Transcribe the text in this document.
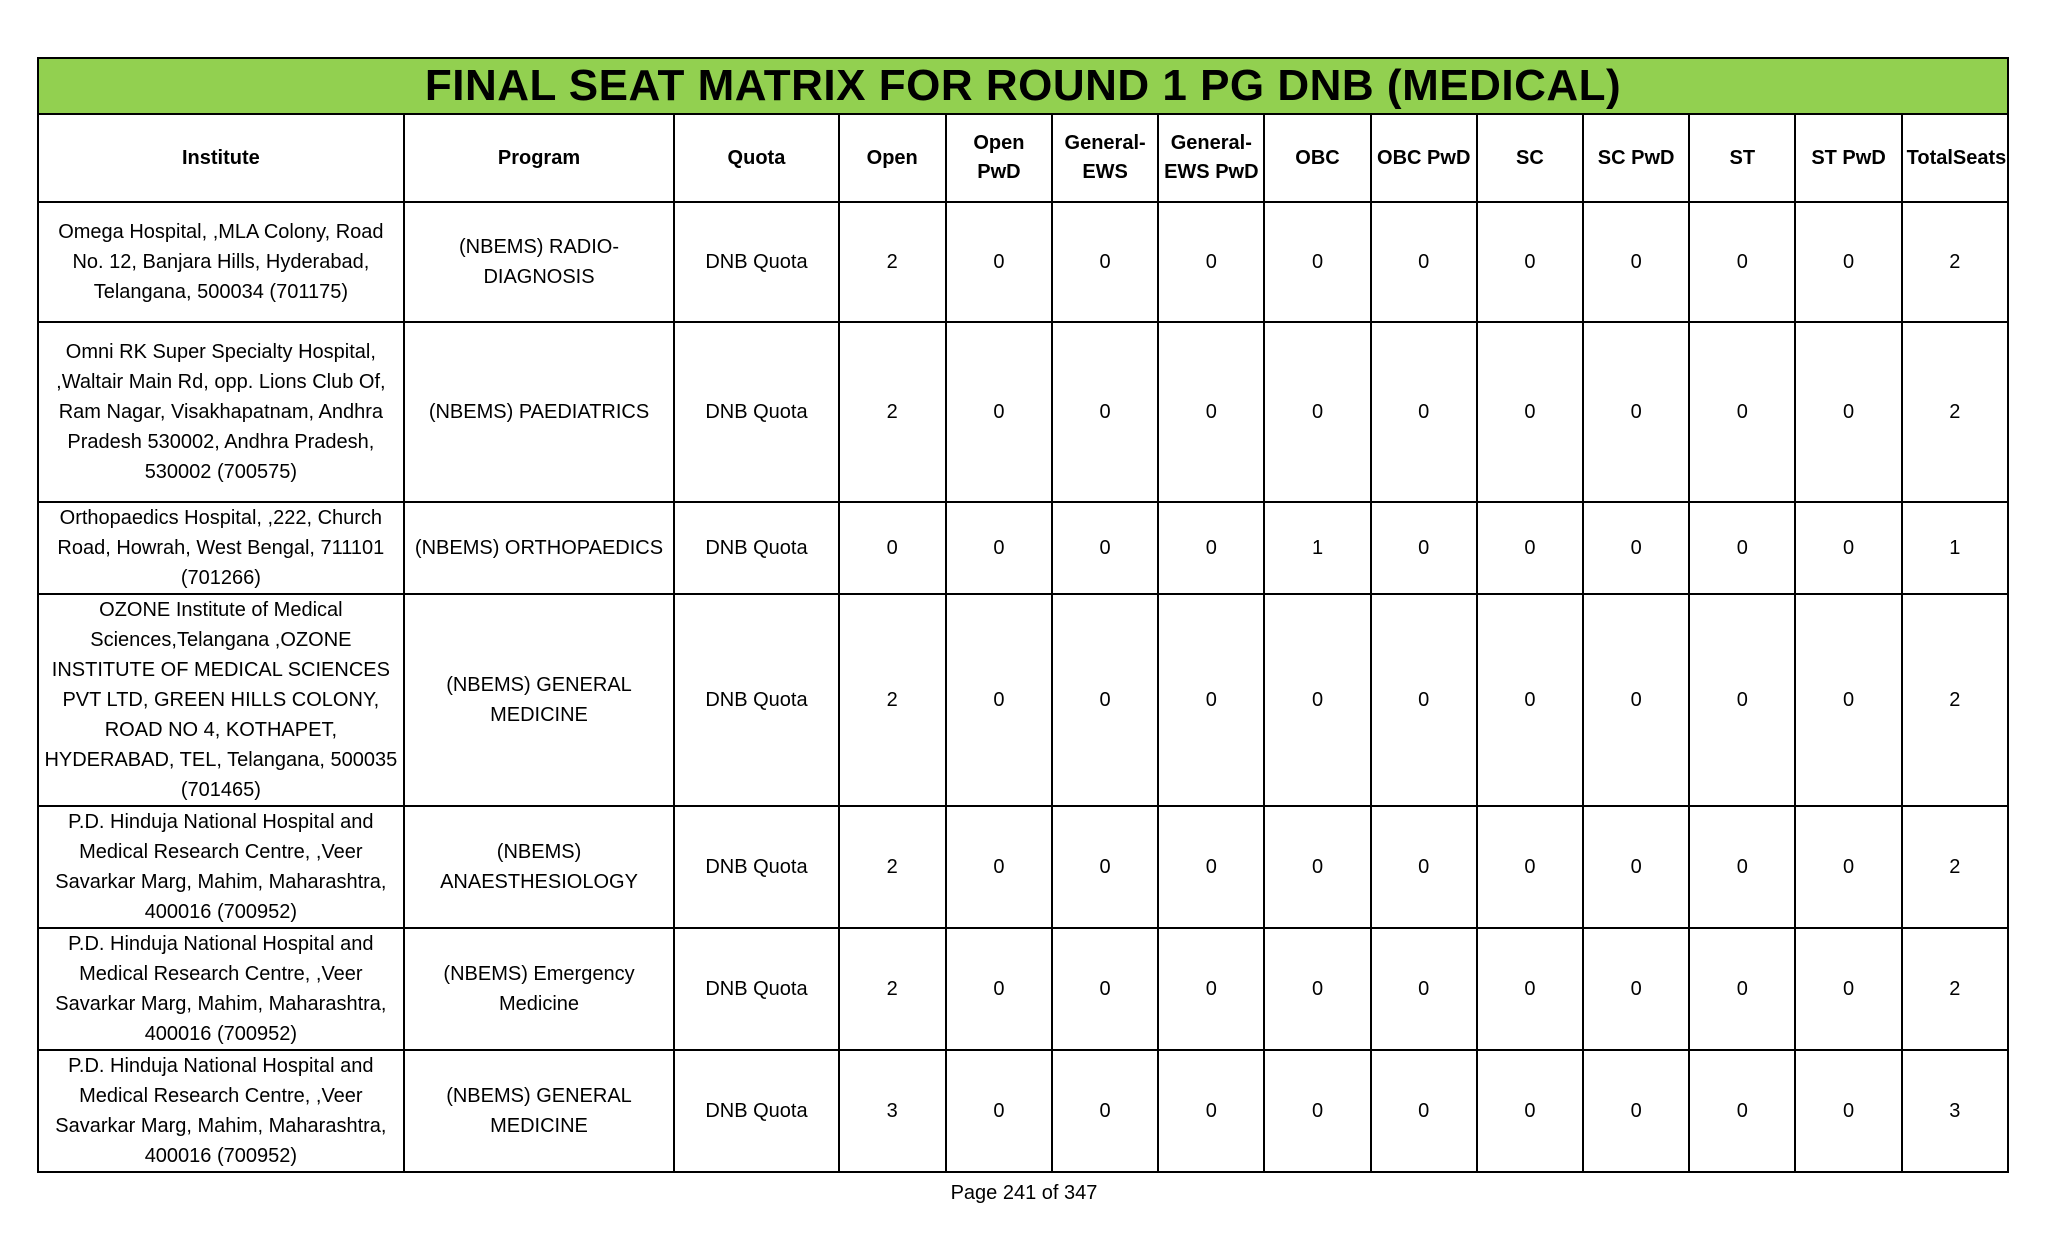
FINAL SEAT MATRIX FOR ROUND 1 PG DNB (MEDICAL)													
Institute	Program	Quota	Open	Open PwD	General-EWS	General-EWS PwD	OBC	OBC PwD	SC	SC PwD	ST	ST PwD	TotalSeats
Omega Hospital, ,MLA Colony, Road No. 12, Banjara Hills, Hyderabad, Telangana, 500034 (701175)	(NBEMS) RADIO-DIAGNOSIS	DNB Quota	2	0	0	0	0	0	0	0	0	0	2
Omni RK Super Specialty Hospital, ,Waltair Main Rd, opp. Lions Club Of, Ram Nagar, Visakhapatnam, Andhra Pradesh 530002, Andhra Pradesh, 530002 (700575)	(NBEMS) PAEDIATRICS	DNB Quota	2	0	0	0	0	0	0	0	0	0	2
Orthopaedics Hospital, ,222, Church Road, Howrah, West Bengal, 711101 (701266)	(NBEMS) ORTHOPAEDICS	DNB Quota	0	0	0	0	1	0	0	0	0	0	1
OZONE Institute of Medical Sciences,Telangana ,OZONE INSTITUTE OF MEDICAL SCIENCES PVT LTD, GREEN HILLS COLONY, ROAD NO 4, KOTHAPET, HYDERABAD, TEL, Telangana, 500035 (701465)	(NBEMS) GENERAL MEDICINE	DNB Quota	2	0	0	0	0	0	0	0	0	0	2
P.D. Hinduja National Hospital and Medical Research Centre, ,Veer Savarkar Marg, Mahim, Maharashtra, 400016 (700952)	(NBEMS) ANAESTHESIOLOGY	DNB Quota	2	0	0	0	0	0	0	0	0	0	2
P.D. Hinduja National Hospital and Medical Research Centre, ,Veer Savarkar Marg, Mahim, Maharashtra, 400016 (700952)	(NBEMS) Emergency Medicine	DNB Quota	2	0	0	0	0	0	0	0	0	0	2
P.D. Hinduja National Hospital and Medical Research Centre, ,Veer Savarkar Marg, Mahim, Maharashtra, 400016 (700952)	(NBEMS) GENERAL MEDICINE	DNB Quota	3	0	0	0	0	0	0	0	0	0	3
Page 241 of 347
